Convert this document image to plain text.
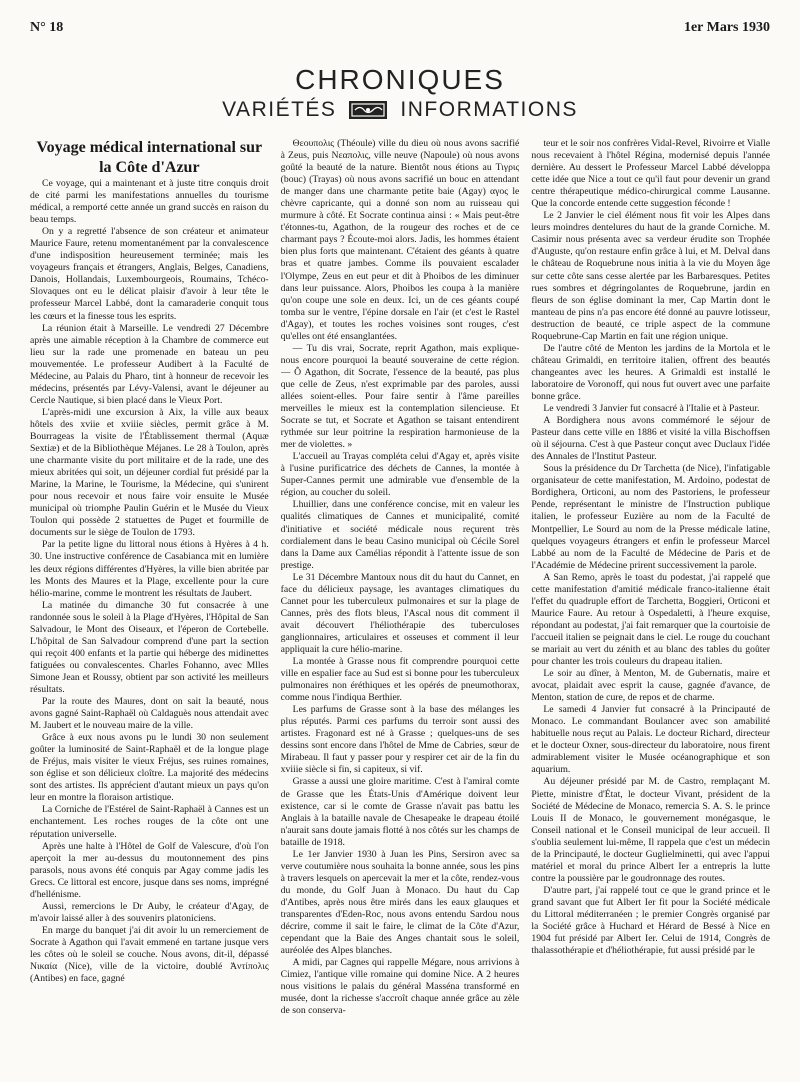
N° 18	1er Mars 1930
CHRONIQUES
VARIÉTÉS	INFORMATIONS

Voyage médical international sur la Côte d'Azur

Ce voyage, qui a maintenant et à juste titre conquis droit de cité parmi les manifestations annuelles du tourisme médical, a remporté cette année un grand succès en raison du beau temps.

On y a regretté l'absence de son créateur et animateur Maurice Faure, retenu momentanément par la convalescence d'une indisposition heureusement terminée; mais les voyageurs français et étrangers, Anglais, Belges, Canadiens, Danois, Hollandais, Luxembourgeois, Roumains, Tchéco-Slovaques ont eu le délicat plaisir d'avoir à leur tête le professeur Marcel Labbé, dont la camaraderie conquit tous les cœurs et la finesse tous les esprits.

La réunion était à Marseille. Le vendredi 27 Décembre après une aimable réception à la Chambre de commerce eut lieu sur la rade une promenade en bateau un peu mouvementée. Le professeur Audibert à la Faculté de Médecine, au Palais du Pharo, tint à honneur de recevoir les médecins, présentés par Lévy-Valensi, avant le déjeuner au Cercle Nautique, si bien placé dans le Vieux Port.

L'après-midi une excursion à Aix, la ville aux beaux hôtels des xviie et xviiie siècles, permit grâce à M. Bourrageas la visite de l'Établissement thermal (Aquæ Sextiæ) et de la Bibliothèque Méjanes. Le 28 à Toulon, après une charmante visite du port militaire et de la rade, une des mieux abritées qui soit, un déjeuner cordial fut présidé par la Marine, la Marine, le Tourisme, la Médecine, qui s'unirent pour nous recevoir et nous faire voir ensuite le Musée municipal où triomphe Paulin Guérin et le Musée du Vieux Toulon qui possède 2 statuettes de Puget et fourmille de documents sur le siège de Toulon de 1793.

Par la petite ligne du littoral nous étions à Hyères à 4 h. 30. Une instructive conférence de Casabianca mit en lumière les deux régions différentes d'Hyères, la ville bien abritée par les Monts des Maures et la Plage, excellente pour la cure hélio-marine, comme le montrent les résultats de Jaubert.

La matinée du dimanche 30 fut consacrée à une randonnée sous le soleil à la Plage d'Hyères, l'Hôpital de San Salvadour, le Mont des Oiseaux, et l'éperon de Cortebelle. L'hôpital de San Salvadour comprend d'une part la section qui reçoit 400 enfants et la partie qui héberge des midinettes fatiguées ou convalescentes. Charles Fohanno, avec Mlles Simone Jean et Roussy, obtient par son activité les meilleurs résultats.

Par la route des Maures, dont on sait la beauté, nous avons gagné Saint-Raphaël où Caldaguès nous attendait avec M. Jaubert et le nouveau maire de la ville.

Grâce à eux nous avons pu le lundi 30 non seulement goûter la luminosité de Saint-Raphaël et de la longue plage de Fréjus, mais visiter le vieux Fréjus, ses ruines romaines, son église et son délicieux cloître. La majorité des médecins sont des artistes. Ils apprécient d'autant mieux un pays qu'on leur en montre la floraison artistique.

La Corniche de l'Estérel de Saint-Raphaël à Cannes est un enchantement. Les roches rouges de la côte ont une réputation universelle.

Après une halte à l'Hôtel de Golf de Valescure, d'où l'on aperçoit la mer au-dessus du moutonnement des pins parasols, nous avons été conquis par Agay comme jadis les Grecs. Ce littoral est encore, jusque dans ses noms, imprégné d'hellénisme.

Aussi, remercions le Dr Auby, le créateur d'Agay, de m'avoir laissé aller à des souvenirs platoniciens.

En marge du banquet j'ai dit avoir lu un remerciement de Socrate à Agathon qui l'avait emmené en tartane jusque vers les côtes où le soleil se couche. Nous avons, dit-il, dépassé Νικαία (Nice), ville de la victoire, doublé Ἀντίπολις (Antibes) en face, gagné

Θεουπολις (Théoule) ville du dieu où nous avons sacrifié à Zeus, puis Νεαπολις, ville neuve (Napoule) où nous avons goûté la beauté de la nature. Bientôt nous étions au Τιγρις (bouc) (Trayas) où nous avons sacrifié un bouc en attendant de manger dans une charmante petite baie (Agay) αγος le chèvre capricante, qui a donné son nom au ruisseau qui murmure à côté. Et Socrate continua ainsi : « Mais peut-être t'étonnes-tu, Agathon, de la rougeur des roches et de ce charmant pays ? Écoute-moi alors. Jadis, les hommes étaient bien plus forts que maintenant. C'étaient des géants à quatre bras et quatre jambes. Comme ils pouvaient escalader l'Olympe, Zeus en eut peur et dit à Phoibos de les diminuer dans leur puissance. Alors, Phoibos les coupa à la manière qu'on coupe une sole en deux. Ici, un de ces géants coupé tomba sur le ventre, l'épine dorsale en l'air (et c'est le Rastel d'Agay), et toutes les roches voisines sont rouges, c'est qu'elles ont été ensanglantées.

— Tu dis vrai, Socrate, reprit Agathon, mais explique-nous encore pourquoi la beauté souveraine de cette région. — Ô Agathon, dit Socrate, l'essence de la beauté, pas plus que celle de Zeus, n'est exprimable par des paroles, aussi allées soient-elles. Pour faire sentir à l'âme pareilles merveilles le mieux est la contemplation silencieuse. Et Socrate se tut, et Socrate et Agathon se taisant entendirent rythmée sur leur poitrine la respiration harmonieuse de la mer de violettes. »

L'accueil au Trayas compléta celui d'Agay et, après visite à l'usine purificatrice des déchets de Cannes, la montée à Super-Cannes permit une admirable vue d'ensemble de la région, au coucher du soleil.

Lhuillier, dans une conférence concise, mit en valeur les qualités climatiques de Cannes et municipalité, comité d'initiative et société médicale nous reçurent très cordialement dans le beau Casino municipal où Cécile Sorel dans la Dame aux Camélias répondit à l'attente issue de son prestige.

Le 31 Décembre Mantoux nous dit du haut du Cannet, en face du délicieux paysage, les avantages climatiques du Cannet pour les tuberculeux pulmonaires et sur la plage de Cannes, près des flots bleus, l'Ascal nous dit comment il avait découvert l'héliothérapie des tuberculoses ganglionnaires, articulaires et osseuses et comment il leur appliquait la cure hélio-marine.

La montée à Grasse nous fit comprendre pourquoi cette ville en espalier face au Sud est si bonne pour les tuberculeux pulmonaires non éréthiques et les opérés de pneumothorax, comme nous l'indiqua Berthier.

Les parfums de Grasse sont à la base des mélanges les plus réputés. Parmi ces parfums du terroir sont aussi des artistes. Fragonard est né à Grasse ; quelques-uns de ses dessins sont encore dans l'hôtel de Mme de Cabries, sœur de Mirabeau. Il faut y passer pour y respirer cet air de la fin du xviiie siècle si fin, si capiteux, si vif.

Grasse a aussi une gloire maritime. C'est à l'amiral comte de Grasse que les États-Unis d'Amérique doivent leur existence, car si le comte de Grasse n'avait pas battu les Anglais à la bataille navale de Chesapeake le drapeau étoilé n'aurait sans doute jamais flotté à nos côtés sur les champs de bataille de 1918.

Le 1er Janvier 1930 à Juan les Pins, Sersiron avec sa verve coutumière nous souhaita la bonne année, sous les pins à travers lesquels on apercevait la mer et la côte, rendez-vous du monde, du Golf Juan à Monaco. Du haut du Cap d'Antibes, après nous être mirés dans les eaux glauques et transparentes d'Eden-Roc, nous avons entendu Sardou nous décrire, comme il sait le faire, le climat de la Côte d'Azur, cependant que la Baie des Anges chantait sous le soleil, auréolée des Alpes blanches.

A midi, par Cagnes qui rappelle Mégare, nous arrivions à Cimiez, l'antique ville romaine qui domine Nice. A 2 heures nous visitions le palais du général Masséna transformé en musée, dont la richesse s'accroît chaque année grâce au zèle de son conserva-

teur et le soir nos confrères Vidal-Revel, Rivoirre et Vialle nous recevaient à l'hôtel Régina, modernisé depuis l'année dernière. Au dessert le Professeur Marcel Labbé développa cette idée que Nice a tout ce qu'il faut pour devenir un grand centre thérapeutique médico-chirurgical comme Lausanne. Que la concorde entende cette suggestion féconde !

Le 2 Janvier le ciel élément nous fit voir les Alpes dans leurs moindres dentelures du haut de la grande Corniche. M. Casimir nous présenta avec sa verdeur érudite son Trophée d'Auguste, qu'on restaure enfin grâce à lui, et M. Delval dans le château de Roquebrune nous initia à la vie du Moyen âge sur cette côte sans cesse alertée par les Barbaresques. Petites rues sombres et dégringolantes de Roquebrune, jardin en fleurs de son église dominant la mer, Cap Martin dont le manteau de pins n'a pas encore été donné au pauvre lotisseur, destruction de beauté, ce triple aspect de la commune Roquebrune-Cap Martin en fait une région unique.

De l'autre côté de Menton les jardins de la Mortola et le château Grimaldi, en territoire italien, offrent des beautés changeantes avec les heures. A Grimaldi est installé le laboratoire de Voronoff, qui nous fut ouvert avec une parfaite bonne grâce.

Le vendredi 3 Janvier fut consacré à l'Italie et à Pasteur.

A Bordighera nous avons commémoré le séjour de Pasteur dans cette ville en 1886 et visité la villa Bischoffsen où il séjourna. C'est à que Pasteur conçut avec Duclaux l'idée des Annales de l'Institut Pasteur.

Sous la présidence du Dr Tarchetta (de Nice), l'infatigable organisateur de cette manifestation, M. Ardoino, podestat de Bordighera, Orticoni, au nom des Pastoriens, le professeur Pende, représentant le ministre de l'Instruction publique italien, le professeur Euzière au nom de la Faculté de Montpellier, Le Sourd au nom de la Presse médicale latine, quelques voyageurs étrangers et enfin le professeur Marcel Labbé au nom de la Faculté de Médecine de Paris et de l'Académie de Médecine prirent successivement la parole.

A San Remo, après le toast du podestat, j'ai rappelé que cette manifestation d'amitié médicale franco-italienne était l'effet du quadruple effort de Tarchetta, Boggieri, Orticoni et Maurice Faure. Au retour à Ospedaletti, à l'heure exquise, répondant au podestat, j'ai fait remarquer que la courtoisie de l'accueil italien se peignait dans le ciel. Le rouge du couchant se mariait au vert du zénith et au blanc des tables du goûter pour chanter les trois couleurs du drapeau italien.

Le soir au dîner, à Menton, M. de Gubernatis, maire et avocat, plaidait avec esprit la cause, gagnée d'avance, de Menton, station de cure, de repos et de charme.

Le samedi 4 Janvier fut consacré à la Principauté de Monaco. Le commandant Boulancer avec son amabilité habituelle nous reçut au Palais. Le docteur Richard, directeur et le docteur Oxner, sous-directeur du laboratoire, nous firent admirablement visiter le Musée océanographique et son aquarium.

Au déjeuner présidé par M. de Castro, remplaçant M. Piette, ministre d'État, le docteur Vivant, président de la Société de Médecine de Monaco, remercia S. A. S. le prince Louis II de Monaco, le gouvernement monégasque, le Conseil national et le Conseil municipal de leur accueil. Il s'oublia seulement lui-même, Il rappela que c'est un médecin de la Principauté, le docteur Guglielminetti, qui avec l'appui matériel et moral du prince Albert Ier a entrepris la lutte contre la poussière par le goudronnage des routes.

D'autre part, j'ai rappelé tout ce que le grand prince et le grand savant que fut Albert Ier fit pour la Société médicale du Littoral méditerranéen ; le premier Congrès organisé par la Société grâce à Huchard et Hérard de Bessé à Nice en 1904 fut présidé par Albert Ier. Celui de 1914, Congrès de thalassothérapie et d'héliothérapie, fut aussi présidé par le
